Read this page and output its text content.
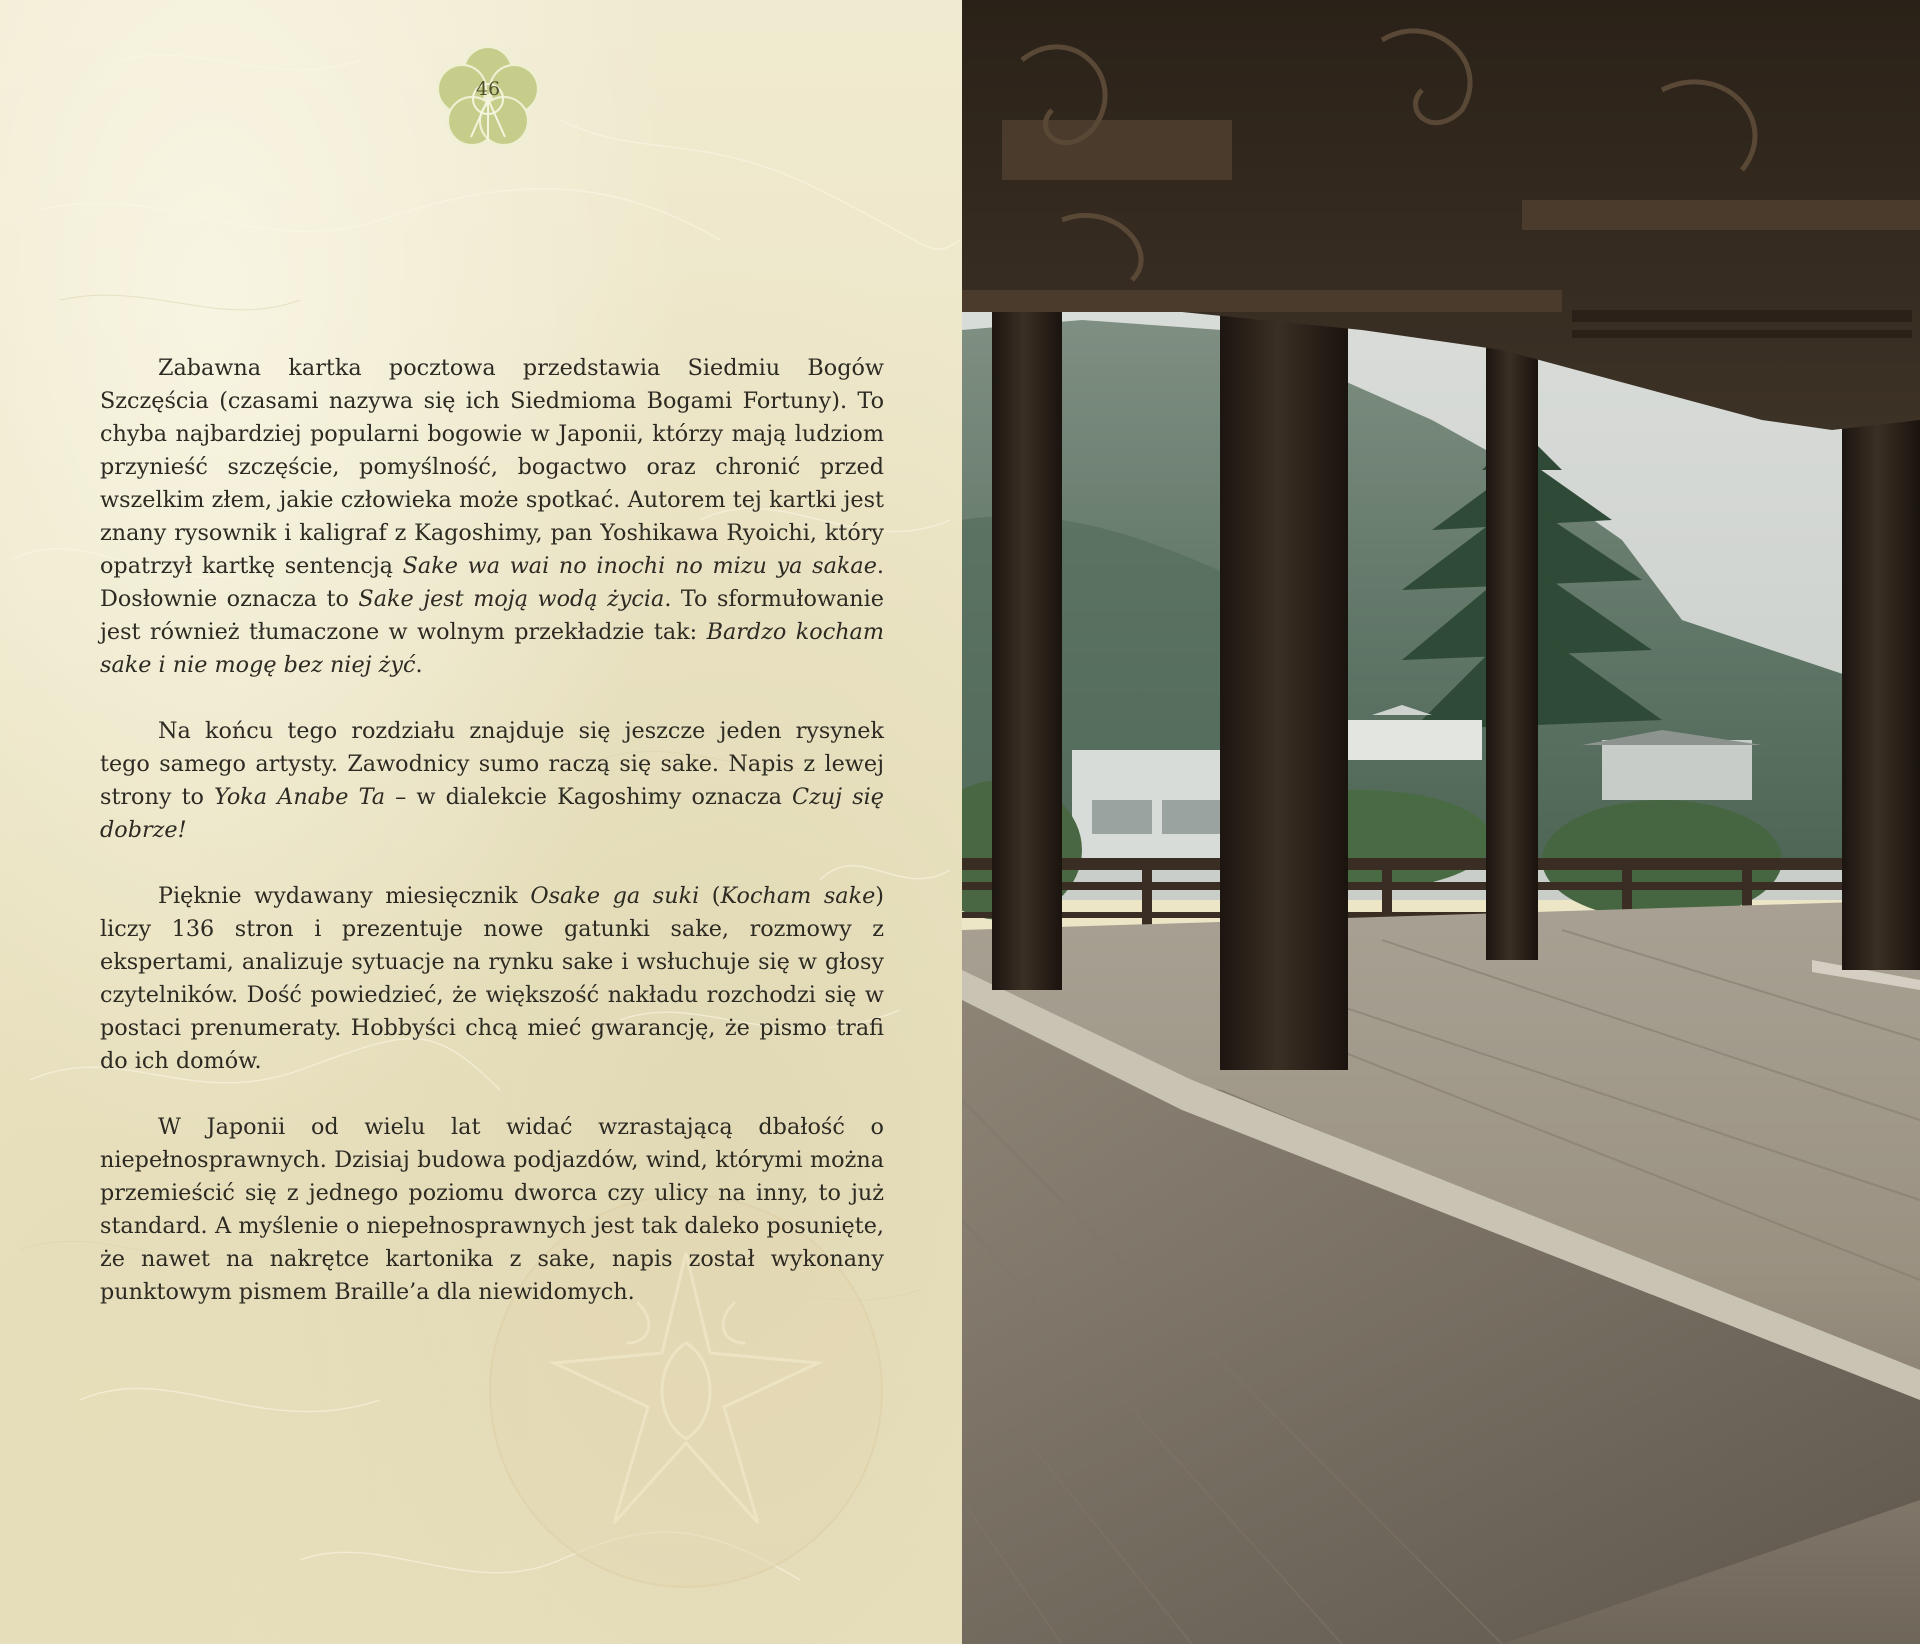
46

Zabawna kartka pocztowa przedstawia Siedmiu Bogów Szczęścia (czasami nazywa się ich Siedmioma Bogami Fortuny). To chyba najbardziej popularni bogowie w Japonii, którzy mają ludziom przynieść szczęście, pomyślność, bogactwo oraz chronić przed wszelkim złem, jakie człowieka może spotkać. Autorem tej kartki jest znany rysownik i kaligraf z Kagoshimy, pan Yoshikawa Ryoichi, który opatrzył kartkę sentencją Sake wa wai no inochi no mizu ya sakae. Dosłownie oznacza to Sake jest moją wodą życia. To sformułowanie jest również tłumaczone w wolnym przekładzie tak: Bardzo kocham sake i nie mogę bez niej żyć.

Na końcu tego rozdziału znajduje się jeszcze jeden rysynek tego samego artysty. Zawodnicy sumo raczą się sake. Napis z lewej strony to Yoka Anabe Ta – w dialekcie Kagoshimy oznacza Czuj się dobrze!

Pięknie wydawany miesięcznik Osake ga suki (Kocham sake) liczy 136 stron i prezentuje nowe gatunki sake, rozmowy z ekspertami, analizuje sytuacje na rynku sake i wsłuchuje się w głosy czytelników. Dość powiedzieć, że większość nakładu rozchodzi się w postaci prenumeraty. Hobbyści chcą mieć gwarancję, że pismo trafi do ich domów.

W Japonii od wielu lat widać wzrastającą dbałość o niepełnosprawnych. Dzisiaj budowa podjazdów, wind, którymi można przemieścić się z jednego poziomu dworca czy ulicy na inny, to już standard. A myślenie o niepełnosprawnych jest tak daleko posunięte, że nawet na nakrętce kartonika z sake, napis został wykonany punktowym pismem Braille’a dla niewidomych.
